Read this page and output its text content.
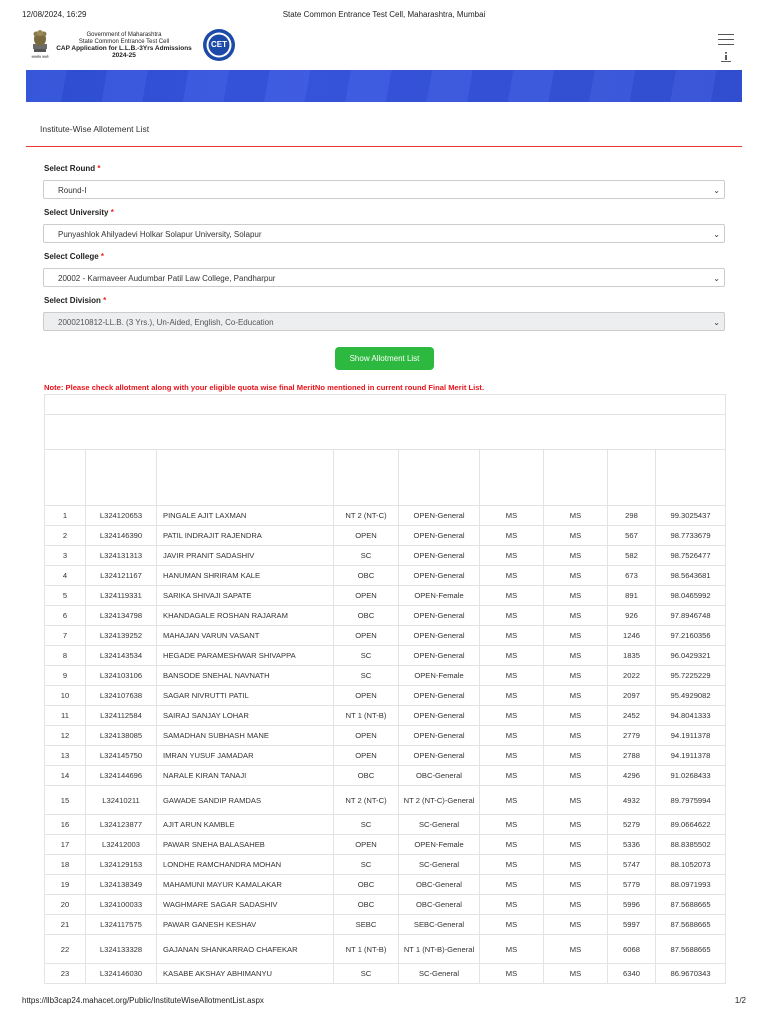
12/08/2024, 16:29	State Common Entrance Test Cell, Maharashtra, Mumbai
सत्यमेव जयते
Government of Maharashtra
State Common Entrance Test Cell
CAP Application for L.L.B.-3Yrs Admissions
2024-25
CET
Institute-Wise Allotement List
Select Round *
Round-I	⌄
Select University *
Punyashlok Ahilyadevi Holkar Solapur University, Solapur	⌄
Select College *
20002 - Karmaveer Audumbar Patil Law College, Pandharpur	⌄
Select Division *
2000210812-LL.B. (3 Yrs.), Un-Aided, English, Co-Education	⌄
Show Allotment List
Note: Please check allotment along with your eligible quota wise final MeritNo mentioned in current round Final Merit List.

1	L324120653	PINGALE AJIT LAXMAN	NT 2 (NT-C)	OPEN-General	MS	MS	298	99.3025437
2	L324146390	PATIL INDRAJIT RAJENDRA	OPEN	OPEN-General	MS	MS	567	98.7733679
3	L324131313	JAVIR PRANIT SADASHIV	SC	OPEN-General	MS	MS	582	98.7526477
4	L324121167	HANUMAN SHRIRAM KALE	OBC	OPEN-General	MS	MS	673	98.5643681
5	L324119331	SARIKA SHIVAJI SAPATE	OPEN	OPEN-Female	MS	MS	891	98.0465992
6	L324134798	KHANDAGALE ROSHAN RAJARAM	OBC	OPEN-General	MS	MS	926	97.8946748
7	L324139252	MAHAJAN VARUN VASANT	OPEN	OPEN-General	MS	MS	1246	97.2160356
8	L324143534	HEGADE PARAMESHWAR SHIVAPPA	SC	OPEN-General	MS	MS	1835	96.0429321
9	L324103106	BANSODE SNEHAL NAVNATH	SC	OPEN-Female	MS	MS	2022	95.7225229
10	L324107638	SAGAR NIVRUTTI PATIL	OPEN	OPEN-General	MS	MS	2097	95.4929082
11	L324112584	SAIRAJ SANJAY LOHAR	NT 1 (NT-B)	OPEN-General	MS	MS	2452	94.8041333
12	L324138085	SAMADHAN SUBHASH MANE	OPEN	OPEN-General	MS	MS	2779	94.1911378
13	L324145750	IMRAN YUSUF JAMADAR	OPEN	OPEN-General	MS	MS	2788	94.1911378
14	L324144696	NARALE KIRAN TANAJI	OBC	OBC-General	MS	MS	4296	91.0268433
15	L32410211	GAWADE SANDIP RAMDAS	NT 2 (NT-C)	NT 2 (NT-C)-General	MS	MS	4932	89.7975994
16	L324123877	AJIT ARUN KAMBLE	SC	SC-General	MS	MS	5279	89.0664622
17	L32412003	PAWAR SNEHA BALASAHEB	OPEN	OPEN-Female	MS	MS	5336	88.8385502
18	L324129153	LONDHE RAMCHANDRA MOHAN	SC	SC-General	MS	MS	5747	88.1052073
19	L324138349	MAHAMUNI MAYUR KAMALAKAR	OBC	OBC-General	MS	MS	5779	88.0971993
20	L324100033	WAGHMARE SAGAR SADASHIV	OBC	OBC-General	MS	MS	5996	87.5688665
21	L324117575	PAWAR GANESH KESHAV	SEBC	SEBC-General	MS	MS	5997	87.5688665
22	L324133328	GAJANAN SHANKARRAO CHAFEKAR	NT 1 (NT-B)	NT 1 (NT-B)-General	MS	MS	6068	87.5688665
23	L324146030	KASABE AKSHAY ABHIMANYU	SC	SC-General	MS	MS	6340	86.9670343
https://llb3cap24.mahacet.org/Public/InstituteWiseAllotmentList.aspx	1/2
